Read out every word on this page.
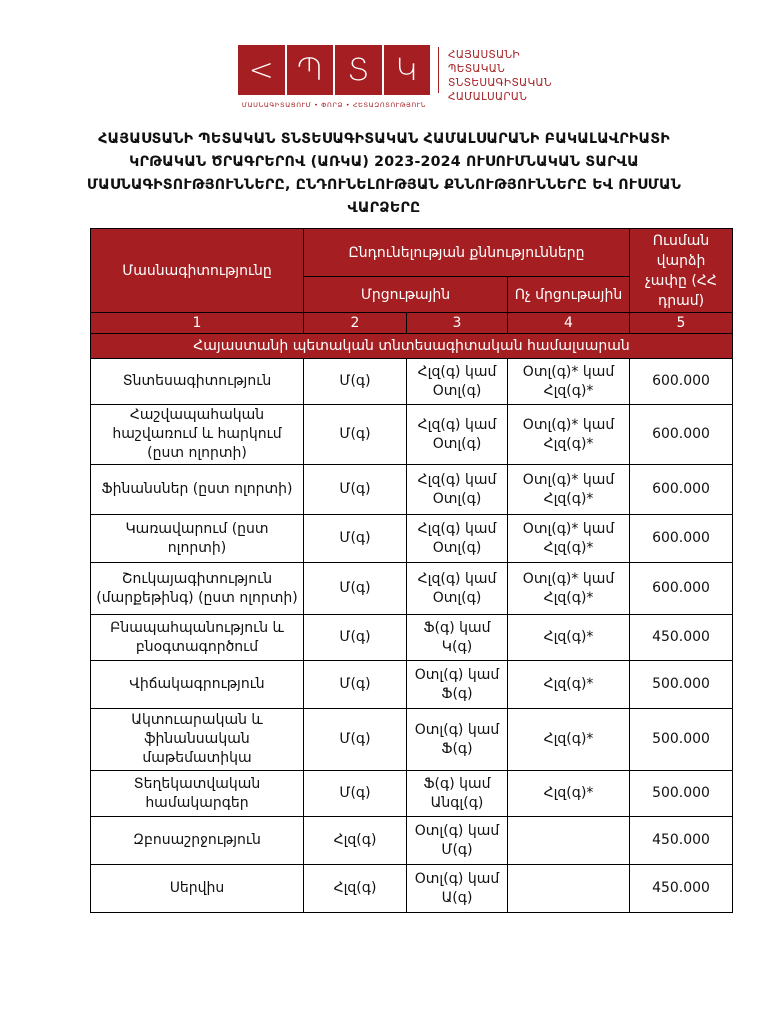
< Պ Տ Կ	ՀԱՅԱՍՏԱՆԻ ՊԵՏԱԿԱՆ
ՏՆՏԵՍԱԳԻՏԱԿԱՆ
ՀԱՄԱԼՍԱՐԱՆ
ՄԱՍՆԱԳԻՏԱՑՈՒՄ • ՓՈՐՁ • ՀԵՏԱԶՈՏՈՒԹՅՈՒՆ
ՀԱՅԱՍՏԱՆԻ ՊԵՏԱԿԱՆ ՏՆՏԵՍԱԳԻՏԱԿԱՆ ՀԱՄԱԼՍԱՐԱՆԻ ԲԱԿԱԼԱՎՐԻԱՏԻ ԿՐԹԱԿԱՆ ԾՐԱԳՐԵՐՈՎ (ԱՌԿԱ) 2023-2024 ՈՒՍՈՒՄՆԱԿԱՆ ՏԱՐՎԱ ՄԱՍՆԱԳԻՏՈՒԹՅՈՒՆՆԵՐԸ, ԸՆԴՈՒՆԵԼՈՒԹՅԱՆ ՔՆՆՈՒԹՅՈՒՆՆԵՐԸ ԵՎ ՈՒՍՄԱՆ ՎԱՐՁԵՐԸ
Մասնագիտությունը	Ընդունելության քննությունները			Ուսման վարձի չափը (ՀՀ դրամ)
	Մրցութային		Ոչ մրցութային	
1	2	3	4	5
Հայաստանի պետական տնտեսագիտական համալսարան				
Տնտեսագիտություն	Մ(գ)	Հլզ(գ) կամ Օտլ(գ)	Օտլ(գ)* կամ Հլզ(գ)*	600.000
Հաշվապահական հաշվառում և հարկում (ըստ ոլորտի)	Մ(գ)	Հլզ(գ) կամ Օտլ(գ)	Օտլ(գ)* կամ Հլզ(գ)*	600.000
Ֆինանսներ (ըստ ոլորտի)	Մ(գ)	Հլզ(գ) կամ Օտլ(գ)	Օտլ(գ)* կամ Հլզ(գ)*	600.000
Կառավարում (ըստ ոլորտի)	Մ(գ)	Հլզ(գ) կամ Օտլ(գ)	Օտլ(գ)* կամ Հլզ(գ)*	600.000
Շուկայագիտություն (մարքեթինգ) (ըստ ոլորտի)	Մ(գ)	Հլզ(գ) կամ Օտլ(գ)	Օտլ(գ)* կամ Հլզ(գ)*	600.000
Բնապահպանություն և բնօգտագործում	Մ(գ)	Ֆ(գ) կամ Կ(գ)	Հլզ(գ)*	450.000
Վիճակագրություն	Մ(գ)	Օտլ(գ) կամ Ֆ(գ)	Հլզ(գ)*	500.000
Ակտուարական և ֆինանսական մաթեմատիկա	Մ(գ)	Օտլ(գ) կամ Ֆ(գ)	Հլզ(գ)*	500.000
Տեղեկատվական համակարգեր	Մ(գ)	Ֆ(գ) կամ Անգլ(գ)	Հլզ(գ)*	500.000
Զբոսաշրջություն	Հլզ(գ)	Օտլ(գ) կամ Մ(գ)		450.000
Սերվիս	Հլզ(գ)	Օտլ(գ) կամ Ա(գ)		450.000
